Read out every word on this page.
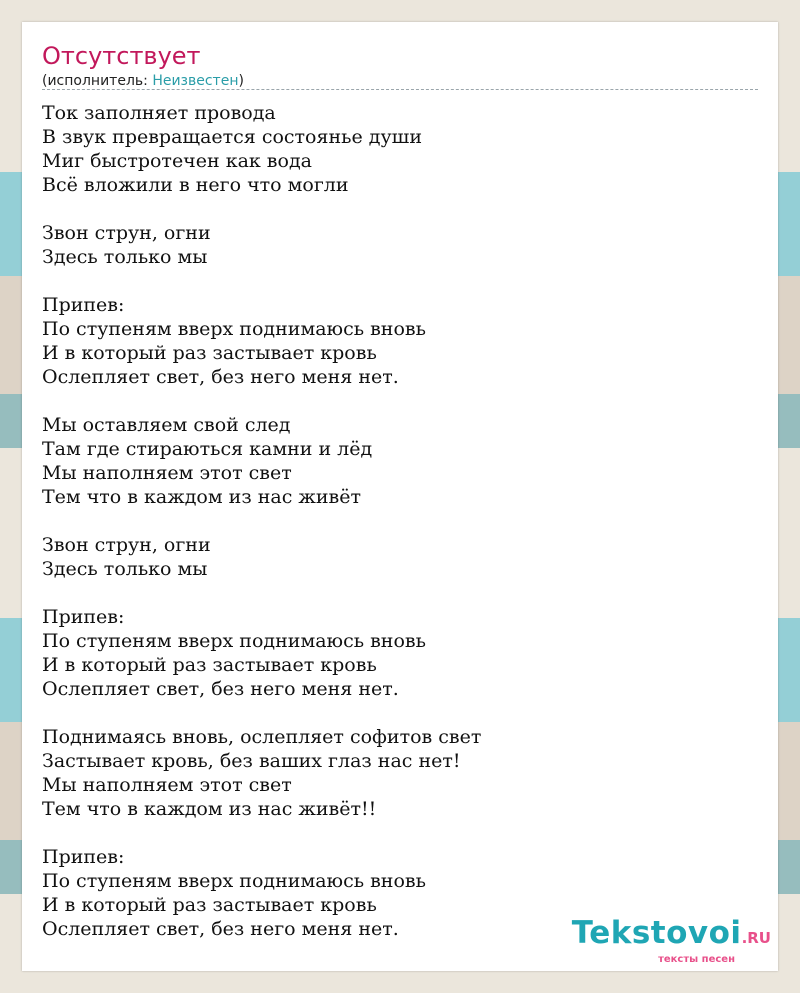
Отсутствует
(исполнитель: Неизвестен)
Ток заполняет провода
В звук превращается состоянье души
Миг быстротечен как вода
Всё вложили в него что могли
Звон струн, огни
Здесь только мы
Припев:
По ступеням вверх поднимаюсь вновь
И в который раз застывает кровь
Ослепляет свет, без него меня нет.
Мы оставляем свой след
Там где стираються камни и лёд
Мы наполняем этот свет
Тем что в каждом из нас живёт
Звон струн, огни
Здесь только мы
Припев:
По ступеням вверх поднимаюсь вновь
И в который раз застывает кровь
Ослепляет свет, без него меня нет.
Поднимаясь вновь, ослепляет софитов свет
Застывает кровь, без ваших глаз нас нет!
Мы наполняем этот свет
Тем что в каждом из нас живёт!!
Припев:
По ступеням вверх поднимаюсь вновь
И в который раз застывает кровь
Ослепляет свет, без него меня нет.	Tekstovoi.RU
тексты песен
